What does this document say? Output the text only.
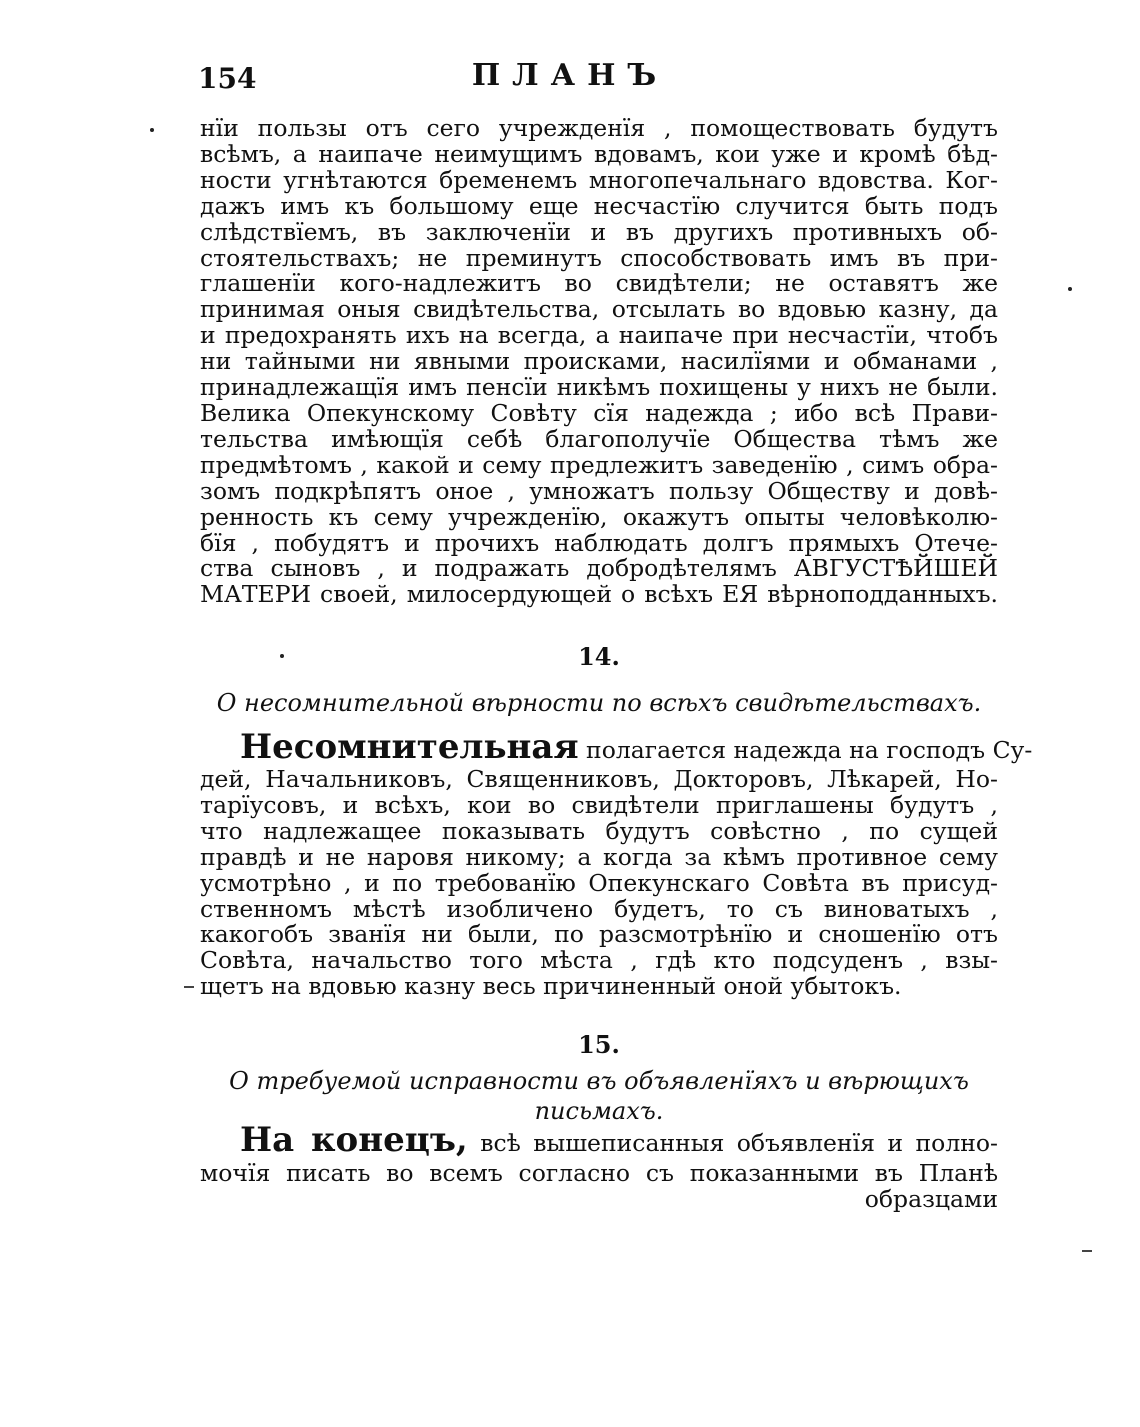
154	ПЛАНЪ
нїи пользы отъ сего учрежденїя , помоществовать будутъ
всѣмъ, а наипаче неимущимъ вдовамъ, кои уже и кромѣ бѣд-
ности угнѣтаются бременемъ многопечальнаго вдовства. Ког-
дажъ имъ къ большому еще несчастїю случится быть подъ
слѣдствїемъ, въ заключенїи и въ другихъ противныхъ об-
стоятельствахъ; не преминутъ способствовать имъ въ при-
глашенїи кого-надлежитъ во свидѣтели; не оставятъ же
принимая оныя свидѣтельства, отсылать во вдовью казну, да
и предохранять ихъ на всегда, а наипаче при несчастїи, чтобъ
ни тайными ни явными происками, насилїями и обманами ,
принадлежащїя имъ пенсїи никѣмъ похищены у нихъ не были.
Велика Опекунскому Совѣту сїя надежда ; ибо всѣ Прави-
тельства имѣющїя себѣ благополучїе Общества тѣмъ же
предмѣтомъ , какой и сему предлежитъ заведенїю , симъ обра-
зомъ подкрѣпятъ оное , умножатъ пользу Обществу и довѣ-
ренность къ сему учрежденїю, окажутъ опыты человѣколю-
бїя , побудятъ и прочихъ наблюдать долгъ прямыхъ Отече-
ства сыновъ , и подражать добродѣтелямъ АВГУСТѢЙШЕЙ
МАТЕРИ своей, милосердующей о всѣхъ ЕЯ вѣрноподданныхъ.
14.
О несомнительной вѣрности по всѣхъ свидѣтельствахъ.
Несомнительная полагается надежда на господъ Су-
дей, Начальниковъ, Священниковъ, Докторовъ, Лѣкарей, Но-
тарїусовъ, и всѣхъ, кои во свидѣтели приглашены будутъ ,
что надлежащее показывать будутъ совѣстно , по сущей
правдѣ и не наровя никому; а когда за кѣмъ противное сему
усмотрѣно , и по требованїю Опекунскаго Совѣта въ присуд-
ственномъ мѣстѣ изобличено будетъ, то съ виноватыхъ ,
какогобъ званїя ни были, по разсмотрѣнїю и сношенїю отъ
Совѣта, начальство того мѣста , гдѣ кто подсуденъ , взы-
щетъ на вдовью казну весь причиненный оной убытокъ.
15.
О требуемой исправности въ объявленїяхъ и вѣрющихъ
письмахъ.
На конецъ, всѣ вышеписанныя объявленїя и полно-
мочїя писать во всемъ согласно съ показанными въ Планѣ
образцами
